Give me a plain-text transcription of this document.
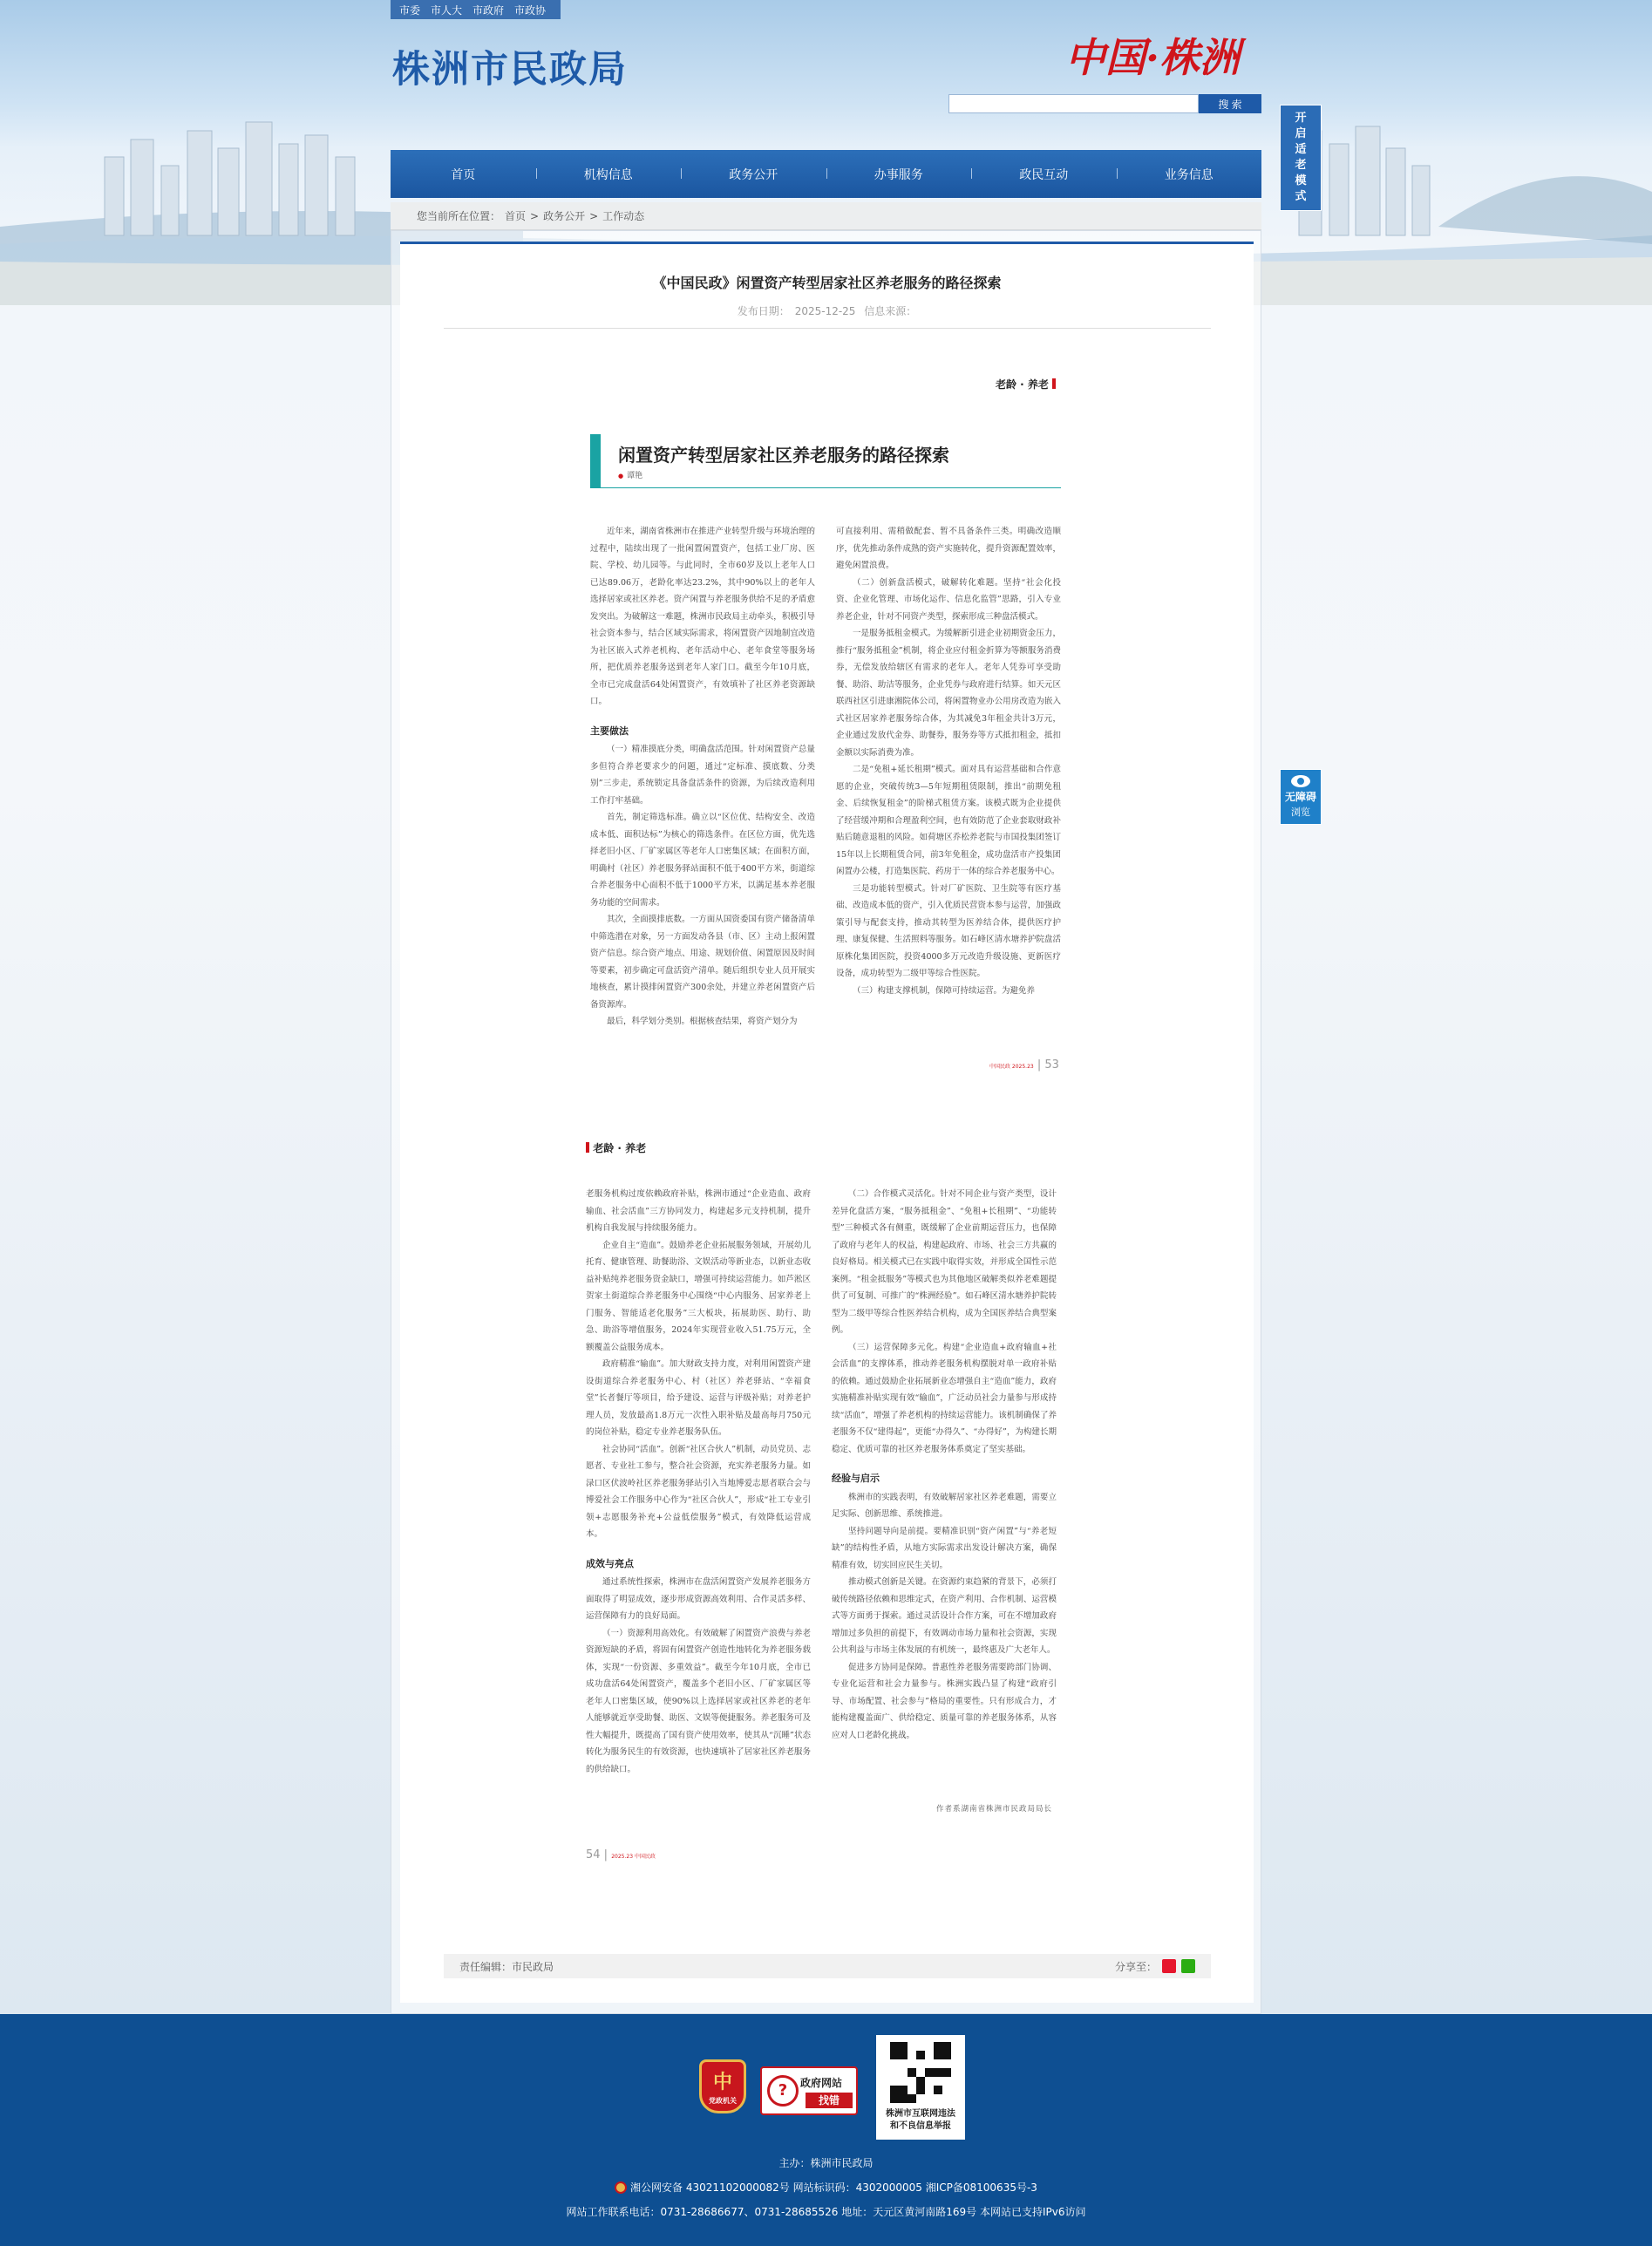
市委 市人大 市政府 市政协
株洲市民政局	中国·株洲
搜 索
开启适老模式
无障碍
浏览
首页	机构信息	政务公开	办事服务	政民互动	业务信息
您当前所在位置： 首页 > 政务公开 > 工作动态
《中国民政》闲置资产转型居家社区养老服务的路径探索
发布日期： 2025-12-25 信息来源：
老龄 · 养老
闲置资产转型居家社区养老服务的路径探索
● 谭艳

近年来，湖南省株洲市在推进产业转型升级与环境治理的过程中，陆续出现了一批闲置闲置资产，包括工业厂房、医院、学校、幼儿园等。与此同时，全市60岁及以上老年人口已达89.06万，老龄化率达23.2%，其中90%以上的老年人选择居家或社区养老。资产闲置与养老服务供给不足的矛盾愈发突出。为破解这一难题，株洲市民政局主动牵头，积极引导社会资本参与，结合区域实际需求，将闲置资产因地制宜改造为社区嵌入式养老机构、老年活动中心、老年食堂等服务场所，把优质养老服务送到老年人家门口。截至今年10月底，全市已完成盘活64处闲置资产，有效填补了社区养老资源缺口。

主要做法

（一）精准摸底分类，明确盘活范围。针对闲置资产总量多但符合养老要求少的问题，通过“定标准、摸底数、分类别”三步走，系统锁定具备盘活条件的资源，为后续改造利用工作打牢基础。

首先，制定筛选标准。确立以“区位优、结构安全、改造成本低、面积达标”为核心的筛选条件。在区位方面，优先选择老旧小区、厂矿家属区等老年人口密集区域；在面积方面，明确村（社区）养老服务驿站面积不低于400平方米，街道综合养老服务中心面积不低于1000平方米，以满足基本养老服务功能的空间需求。

其次，全面摸排底数。一方面从国资委国有资产储备清单中筛选潜在对象，另一方面发动各县（市、区）主动上报闲置资产信息。综合资产地点、用途、规划价值、闲置原因及时间等要素，初步确定可盘活资产清单。随后组织专业人员开展实地核查，累计摸排闲置资产300余处，并建立养老闲置资产后备资源库。

最后，科学划分类别。根据核查结果，将资产划分为

可直接利用、需稍做配套、暂不具备条件三类。明确改造顺序，优先推动条件成熟的资产实施转化，提升资源配置效率，避免闲置浪费。

（二）创新盘活模式，破解转化难题。坚持“社会化投资、企业化管理、市场化运作、信息化监管”思路，引入专业养老企业，针对不同资产类型，探索形成三种盘活模式。

一是服务抵租金模式。为缓解新引进企业初期资金压力，推行“服务抵租金”机制，将企业应付租金折算为等额服务消费券，无偿发放给辖区有需求的老年人。老年人凭券可享受助餐、助浴、助洁等服务，企业凭券与政府进行结算。如天元区联西社区引进康湘院体公司，将闲置物业办公用房改造为嵌入式社区居家养老服务综合体，为其减免3年租金共计3万元，企业通过发放代金券、助餐券，服务券等方式抵扣租金，抵扣金额以实际消费为准。

二是“免租+延长租期”模式。面对具有运营基础和合作意愿的企业，突破传统3—5年短期租赁限制，推出“前期免租金、后续恢复租金”的阶梯式租赁方案。该模式既为企业提供了经营缓冲期和合理盈利空间，也有效防范了企业套取财政补贴后随意退租的风险。如荷塘区乔松养老院与市国投集团签订15年以上长期租赁合同，前3年免租金，成功盘活市产投集团闲置办公楼，打造集医院、药房于一体的综合养老服务中心。

三是功能转型模式。针对厂矿医院、卫生院等有医疗基础、改造成本低的资产，引入优质民营资本参与运营，加强政策引导与配套支持，推动其转型为医养结合体，提供医疗护理、康复保健、生活照料等服务。如石峰区清水塘养护院盘活原株化集团医院，投资4000多万元改造升级设施、更新医疗设备，成功转型为二级甲等综合性医院。

（三）构建支撑机制，保障可持续运营。为避免养

中国民政 2025.23 | 53
老龄 · 养老

老服务机构过度依赖政府补贴，株洲市通过“企业造血、政府输血、社会活血”三方协同发力，构建起多元支持机制，提升机构自我发展与持续服务能力。

企业自主“造血”。鼓励养老企业拓展服务领域，开展幼儿托育、健康管理、助餐助浴、文娱活动等新业态，以新业态收益补贴纯养老服务资金缺口，增强可持续运营能力。如芦淞区贺家土街道综合养老服务中心围绕“中心内服务、居家养老上门服务、智能适老化服务”三大板块，拓展助医、助行、助急、助浴等增值服务，2024年实现营业收入51.75万元，全额覆盖公益服务成本。

政府精准“输血”。加大财政支持力度，对利用闲置资产建设街道综合养老服务中心、村（社区）养老驿站、“幸福食堂”长者餐厅等项目，给予建设、运营与评级补贴；对养老护理人员，发放最高1.8万元一次性入职补贴及最高每月750元的岗位补贴，稳定专业养老服务队伍。

社会协同“活血”。创新“社区合伙人”机制，动员党员、志愿者、专业社工参与，整合社会资源，充实养老服务力量。如渌口区伏波岭社区养老服务驿站引入当地博爱志愿者联合会与博爱社会工作服务中心作为“社区合伙人”，形成“社工专业引领+志愿服务补充+公益低偿服务”模式，有效降低运营成本。

成效与亮点

通过系统性探索，株洲市在盘活闲置资产发展养老服务方面取得了明显成效，逐步形成资源高效利用、合作灵活多样、运营保障有力的良好局面。

（一）资源利用高效化。有效破解了闲置资产浪费与养老资源短缺的矛盾，将固有闲置资产创造性地转化为养老服务载体，实现“一份资源、多重效益”。截至今年10月底，全市已成功盘活64处闲置资产，覆盖多个老旧小区、厂矿家属区等老年人口密集区域，使90%以上选择居家或社区养老的老年人能够就近享受助餐、助医、文娱等便捷服务。养老服务可及性大幅提升，既提高了国有资产使用效率，使其从“沉睡”状态转化为服务民生的有效资源，也快速填补了居家社区养老服务的供给缺口。

（二）合作模式灵活化。针对不同企业与资产类型，设计差异化盘活方案，“服务抵租金”、“免租+长租期”、“功能转型”三种模式各有侧重，既缓解了企业前期运营压力，也保障了政府与老年人的权益，构建起政府、市场、社会三方共赢的良好格局。相关模式已在实践中取得实效，并形成全国性示范案例。“租金抵服务”等模式也为其他地区破解类似养老难题提供了可复制、可推广的“株洲经验”。如石峰区清水塘养护院转型为二级甲等综合性医养结合机构，成为全国医养结合典型案例。

（三）运营保障多元化。构建“企业造血+政府输血+社会活血”的支撑体系，推动养老服务机构摆脱对单一政府补贴的依赖。通过鼓励企业拓展新业态增强自主“造血”能力，政府实施精准补贴实现有效“输血”，广泛动员社会力量参与形成持续“活血”，增强了养老机构的持续运营能力。该机制确保了养老服务不仅“建得起”，更能“办得久”、“办得好”，为构建长期稳定、优质可靠的社区养老服务体系奠定了坚实基础。

经验与启示

株洲市的实践表明，有效破解居家社区养老难题，需要立足实际、创新思维、系统推进。

坚持问题导向是前提。要精准识别“资产闲置”与“养老短缺”的结构性矛盾，从地方实际需求出发设计解决方案，确保精准有效，切实回应民生关切。

推动模式创新是关键。在资源约束趋紧的背景下，必须打破传统路径依赖和思维定式，在资产利用、合作机制、运营模式等方面勇于探索。通过灵活设计合作方案，可在不增加政府增加过多负担的前提下，有效调动市场力量和社会资源，实现公共利益与市场主体发展的有机统一，最终惠及广大老年人。

促进多方协同是保障。普惠性养老服务需要跨部门协调、专业化运营和社会力量参与。株洲实践凸显了构建“政府引导、市场配置、社会参与”格局的重要性。只有形成合力，才能构建覆盖面广、供给稳定、质量可靠的养老服务体系，从容应对人口老龄化挑战。

作者系湖南省株洲市民政局局长
54 | 2025.23 中国民政
责任编辑：市民政局	分享至：
中
党政机关
?	政府网站
找错
株洲市互联网违法
和不良信息举报
主办：株洲市民政局
湘公网安备 43021102000082号 网站标识码：4302000005 湘ICP备08100635号-3
网站工作联系电话：0731-28686677、0731-28685526 地址：天元区黄河南路169号 本网站已支持IPv6访问
